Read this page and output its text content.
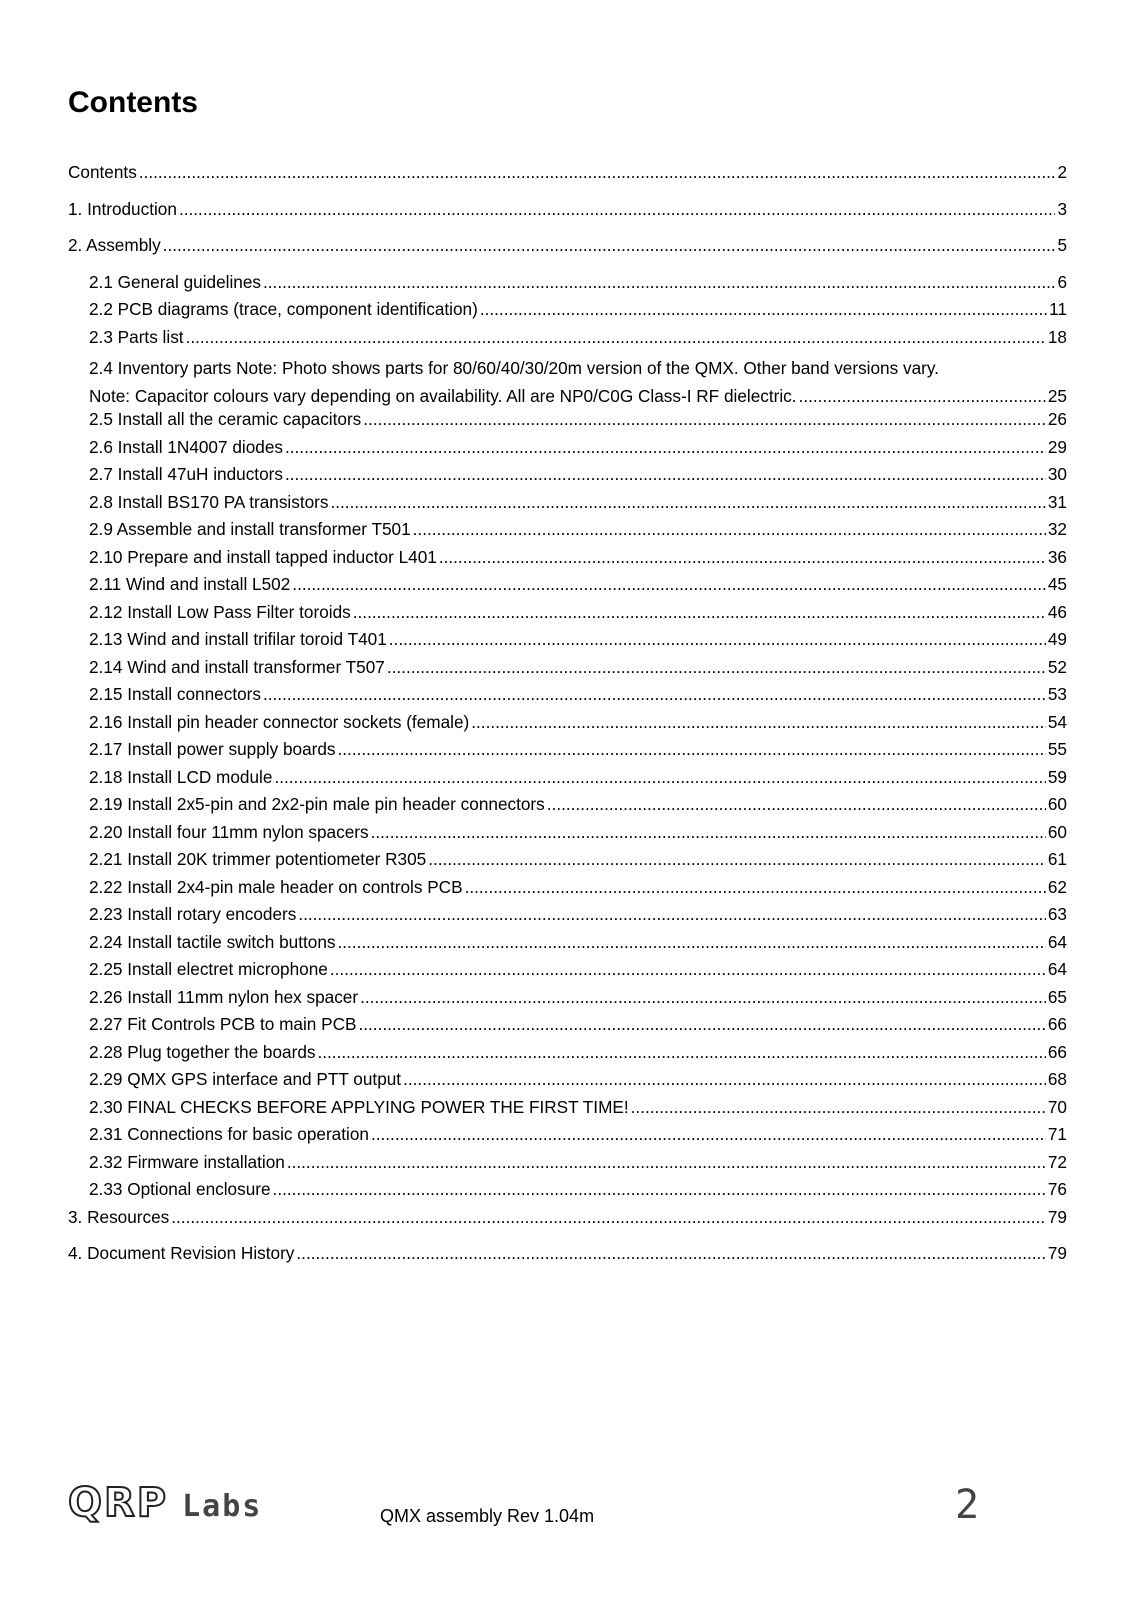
Contents
Contents .....	2
1. Introduction .....	3
2. Assembly .....	5
2.1 General guidelines .....	6
2.2 PCB diagrams (trace, component identification) .....	11
2.3 Parts list .....	18
2.4 Inventory parts Note: Photo shows parts for 80/60/40/30/20m version of the QMX. Other band versions vary.
Note: Capacitor colours vary depending on availability. All are NP0/C0G Class-I RF dielectric. .....	25
2.5 Install all the ceramic capacitors .....	26
2.6 Install 1N4007 diodes .....	29
2.7 Install 47uH inductors .....	30
2.8 Install BS170 PA transistors .....	31
2.9 Assemble and install transformer T501 .....	32
2.10 Prepare and install tapped inductor L401 .....	36
2.11 Wind and install L502 .....	45
2.12 Install Low Pass Filter toroids .....	46
2.13 Wind and install trifilar toroid T401 .....	49
2.14 Wind and install transformer T507 .....	52
2.15 Install connectors .....	53
2.16 Install pin header connector sockets (female) .....	54
2.17 Install power supply boards .....	55
2.18 Install LCD module .....	59
2.19 Install 2x5-pin and 2x2-pin male pin header connectors .....	60
2.20 Install four 11mm nylon spacers .....	60
2.21 Install 20K trimmer potentiometer R305 .....	61
2.22 Install 2x4-pin male header on controls PCB .....	62
2.23 Install rotary encoders .....	63
2.24 Install tactile switch buttons .....	64
2.25 Install electret microphone .....	64
2.26 Install 11mm nylon hex spacer .....	65
2.27 Fit Controls PCB to main PCB .....	66
2.28 Plug together the boards .....	66
2.29 QMX GPS interface and PTT output .....	68
2.30 FINAL CHECKS BEFORE APPLYING POWER THE FIRST TIME! .....	70
2.31 Connections for basic operation .....	71
2.32 Firmware installation .....	72
2.33 Optional enclosure .....	76
3. Resources .....	79
4. Document Revision History .....	79
QRP Labs	QMX assembly Rev 1.04m	2
